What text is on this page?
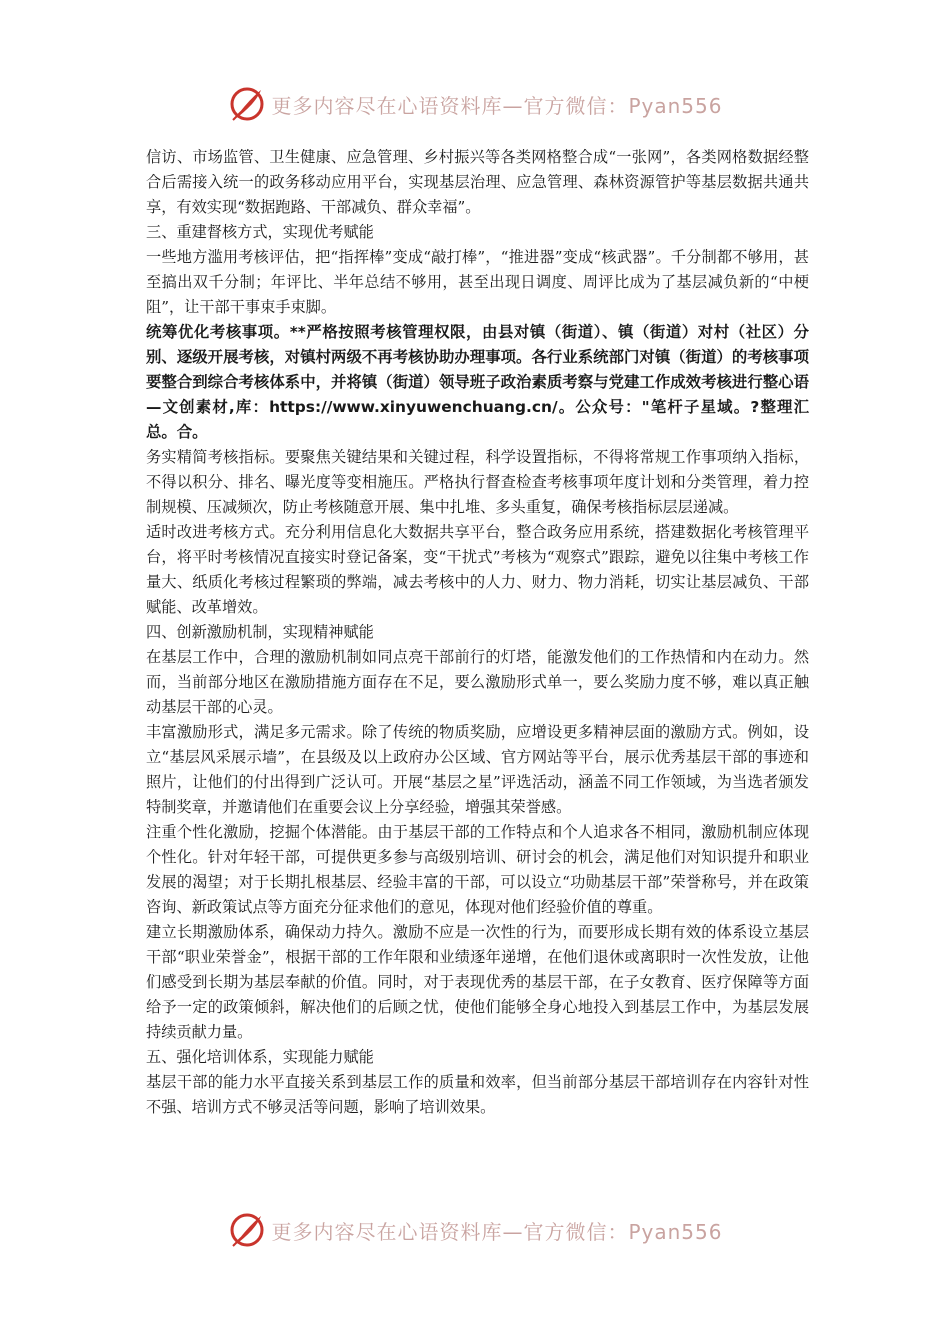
更多内容尽在心语资料库—官方微信：Pyan556

信访、市场监管、卫生健康、应急管理、乡村振兴等各类网格整合成“一张网”，各类网格数据经整合后需接入统一的政务移动应用平台，实现基层治理、应急管理、森林资源管护等基层数据共通共享，有效实现“数据跑路、干部减负、群众幸福”。

三、重建督核方式，实现优考赋能

一些地方滥用考核评估，把“指挥棒”变成“敲打棒”，“推进器”变成“核武器”。千分制都不够用，甚至搞出双千分制；年评比、半年总结不够用，甚至出现日调度、周评比成为了基层减负新的“中梗阻”，让干部干事束手束脚。

统筹优化考核事项。**严格按照考核管理权限，由县对镇（街道）、镇（街道）对村（社区）分别、逐级开展考核，对镇村两级不再考核协助办理事项。各行业系统部门对镇（街道）的考核事项要整合到综合考核体系中，并将镇（街道）领导班子政治素质考察与党建工作成效考核进行整心语—文创素材,库：https://www.xinyuwenchuang.cn/。公众号："笔杆子星域。?整理汇总。合。

务实精简考核指标。要聚焦关键结果和关键过程，科学设置指标，不得将常规工作事项纳入指标，不得以积分、排名、曝光度等变相施压。严格执行督查检查考核事项年度计划和分类管理，着力控制规模、压减频次，防止考核随意开展、集中扎堆、多头重复，确保考核指标层层递减。

适时改进考核方式。充分利用信息化大数据共享平台，整合政务应用系统，搭建数据化考核管理平台，将平时考核情况直接实时登记备案，变“干扰式”考核为“观察式”跟踪，避免以往集中考核工作量大、纸质化考核过程繁琐的弊端，减去考核中的人力、财力、物力消耗，切实让基层减负、干部赋能、改革增效。

四、创新激励机制，实现精神赋能

在基层工作中，合理的激励机制如同点亮干部前行的灯塔，能激发他们的工作热情和内在动力。然而，当前部分地区在激励措施方面存在不足，要么激励形式单一，要么奖励力度不够，难以真正触动基层干部的心灵。

丰富激励形式，满足多元需求。除了传统的物质奖励，应增设更多精神层面的激励方式。例如，设立“基层风采展示墙”，在县级及以上政府办公区域、官方网站等平台，展示优秀基层干部的事迹和照片，让他们的付出得到广泛认可。开展“基层之星”评选活动，涵盖不同工作领域，为当选者颁发特制奖章，并邀请他们在重要会议上分享经验，增强其荣誉感。

注重个性化激励，挖掘个体潜能。由于基层干部的工作特点和个人追求各不相同，激励机制应体现个性化。针对年轻干部，可提供更多参与高级别培训、研讨会的机会，满足他们对知识提升和职业发展的渴望；对于长期扎根基层、经验丰富的干部，可以设立“功勋基层干部”荣誉称号，并在政策咨询、新政策试点等方面充分征求他们的意见，体现对他们经验价值的尊重。

建立长期激励体系，确保动力持久。激励不应是一次性的行为，而要形成长期有效的体系设立基层干部“职业荣誉金”，根据干部的工作年限和业绩逐年递增，在他们退休或离职时一次性发放，让他们感受到长期为基层奉献的价值。同时，对于表现优秀的基层干部，在子女教育、医疗保障等方面给予一定的政策倾斜，解决他们的后顾之忧，使他们能够全身心地投入到基层工作中，为基层发展持续贡献力量。

五、强化培训体系，实现能力赋能

基层干部的能力水平直接关系到基层工作的质量和效率，但当前部分基层干部培训存在内容针对性不强、培训方式不够灵活等问题，影响了培训效果。

更多内容尽在心语资料库—官方微信：Pyan556
